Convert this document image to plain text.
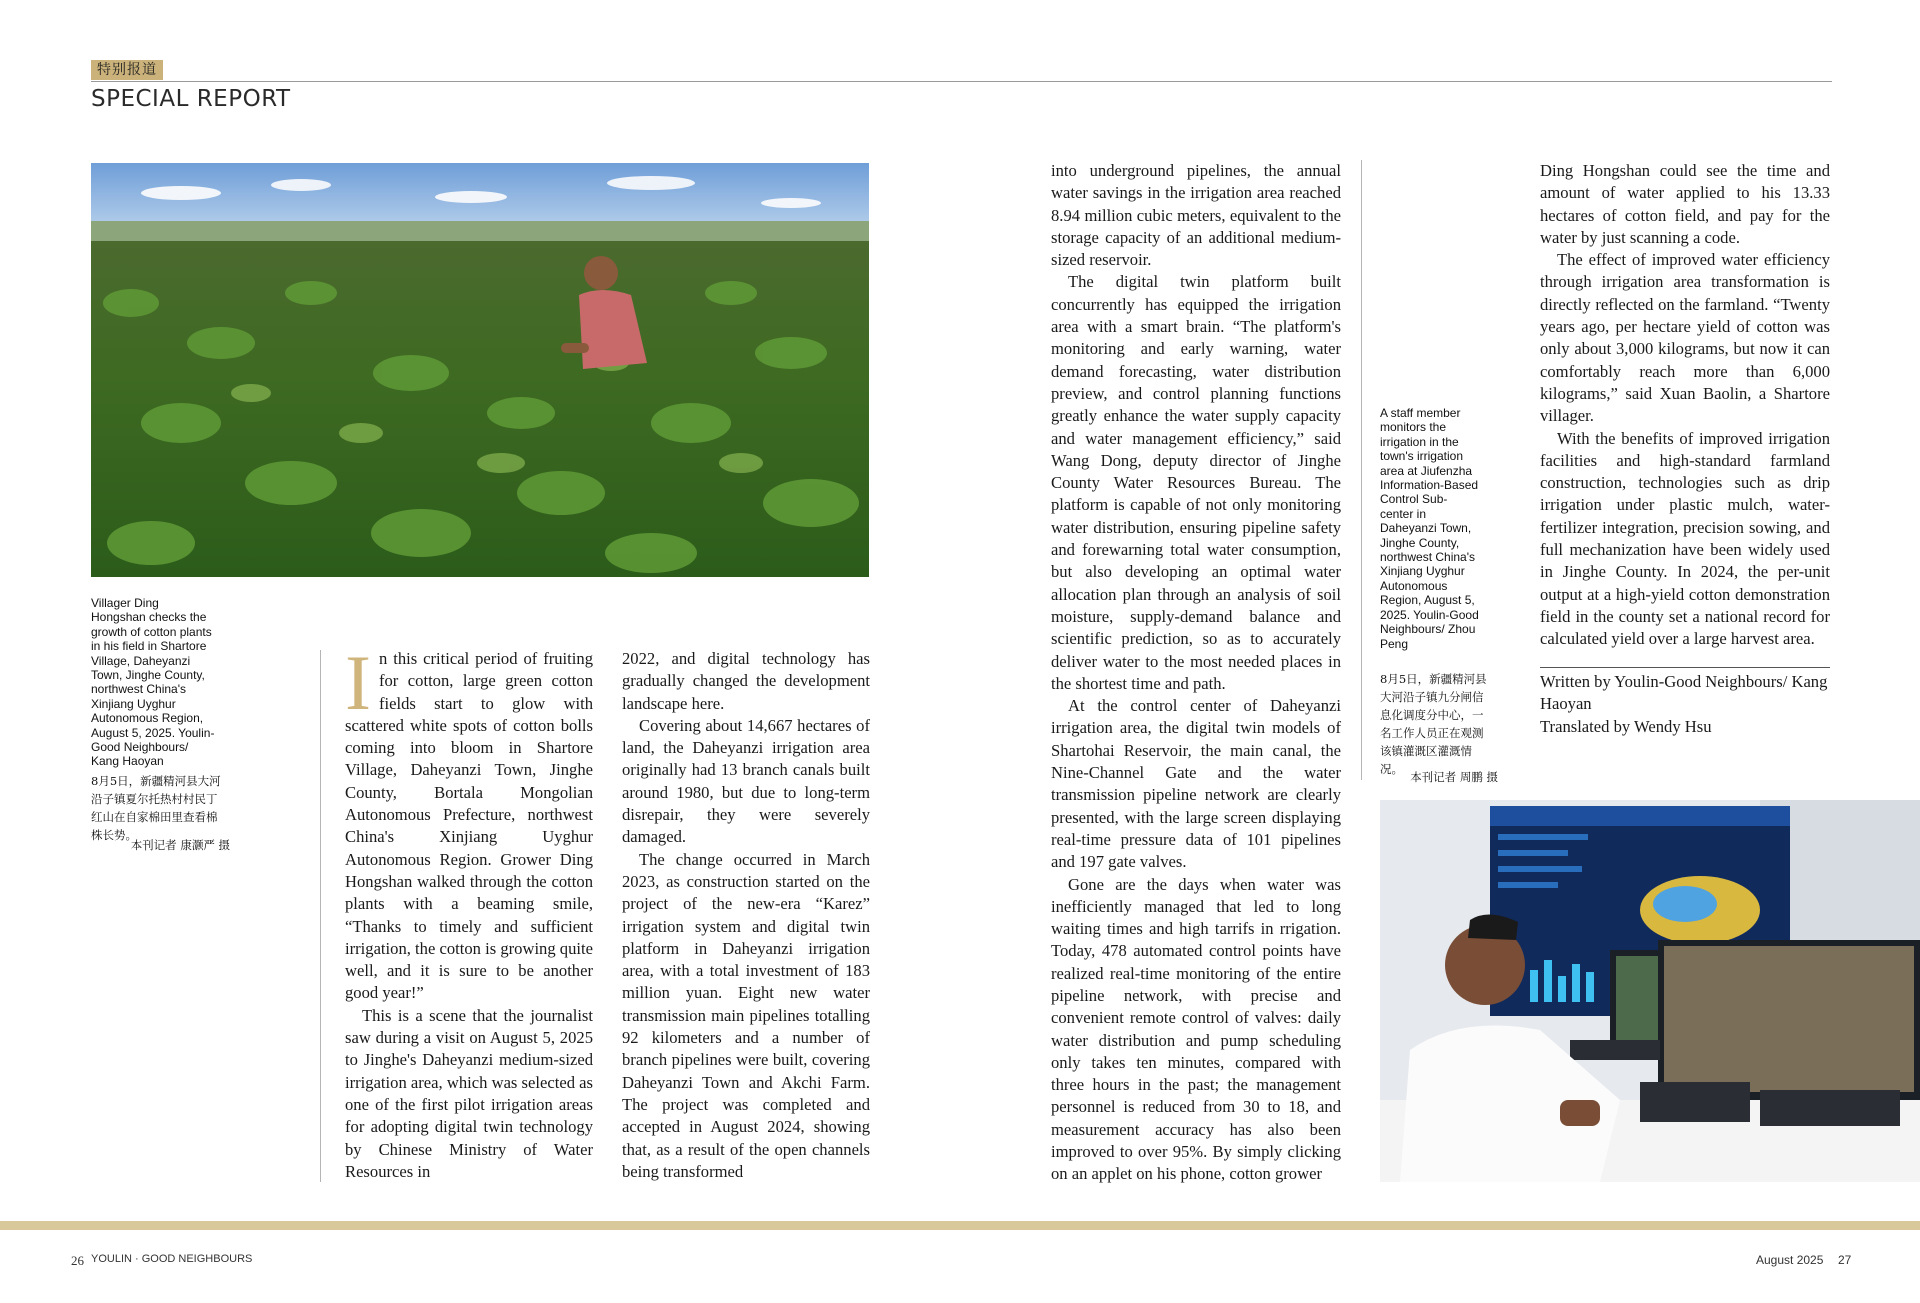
特别报道
SPECIAL REPORT
Villager Ding Hongshan checks the growth of cotton plants in his field in Shartore Village, Daheyanzi Town, Jinghe County, northwest China's Xinjiang Uyghur Autonomous Region, August 5, 2025. Youlin-Good Neighbours/ Kang Haoyan
8月5日，新疆精河县大河沿子镇夏尔托热村村民丁红山在自家棉田里查看棉株长势。
本刊记者 康灏严 摄

In this critical period of fruiting for cotton, large green cotton fields start to glow with scattered white spots of cotton bolls coming into bloom in Shartore Village, Daheyanzi Town, Jinghe County, Bortala Mongolian Autonomous Prefecture, northwest China's Xinjiang Uyghur Autonomous Region. Grower Ding Hongshan walked through the cotton plants with a beaming smile, “Thanks to timely and sufficient irrigation, the cotton is growing quite well, and it is sure to be another good year!”

This is a scene that the journalist saw during a visit on August 5, 2025 to Jinghe's Daheyanzi medium-sized irrigation area, which was selected as one of the first pilot irrigation areas for adopting digital twin technology by Chinese Ministry of Water Resources in

2022, and digital technology has gradually changed the development landscape here.

Covering about 14,667 hectares of land, the Daheyanzi irrigation area originally had 13 branch canals built around 1980, but due to long-term disrepair, they were severely damaged.

The change occurred in March 2023, as construction started on the project of the new-era “Karez” irrigation system and digital twin platform in Daheyanzi irrigation area, with a total investment of 183 million yuan. Eight new water transmission main pipelines totalling 92 kilometers and a number of branch pipelines were built, covering Daheyanzi Town and Akchi Farm. The project was completed and accepted in August 2024, showing that, as a result of the open channels being transformed

into underground pipelines, the annual water savings in the irrigation area reached 8.94 million cubic meters, equivalent to the storage capacity of an additional medium-sized reservoir.

The digital twin platform built concurrently has equipped the irrigation area with a smart brain. “The platform's monitoring and early warning, water demand forecasting, water distribution preview, and control planning functions greatly enhance the water supply capacity and water management efficiency,” said Wang Dong, deputy director of Jinghe County Water Resources Bureau. The platform is capable of not only monitoring water distribution, ensuring pipeline safety and forewarning total water consumption, but also developing an optimal water allocation plan through an analysis of soil moisture, supply-demand balance and scientific prediction, so as to accurately deliver water to the most needed places in the shortest time and path.

At the control center of Daheyanzi irrigation area, the digital twin models of Shartohai Reservoir, the main canal, the Nine-Channel Gate and the water transmission pipeline network are clearly presented, with the large screen displaying real-time pressure data of 101 pipelines and 197 gate valves.

Gone are the days when water was inefficiently managed that led to long waiting times and high tarrifs in rrigation. Today, 478 automated control points have realized real-time monitoring of the entire pipeline network, with precise and convenient remote control of valves: daily water distribution and pump scheduling only takes ten minutes, compared with three hours in the past; the management personnel is reduced from 30 to 18, and measurement accuracy has also been improved to over 95%. By simply clicking on an applet on his phone, cotton grower

A staff member monitors the irrigation in the town's irrigation area at Jiufenzha Information-Based Control Sub-center in Daheyanzi Town, Jinghe County, northwest China's Xinjiang Uyghur Autonomous Region, August 5, 2025. Youlin-Good Neighbours/ Zhou Peng
8月5日，新疆精河县大河沿子镇九分闸信息化调度分中心，一名工作人员正在观测该镇灌溉区灌溉情况。
本刊记者 周鹏 摄

Ding Hongshan could see the time and amount of water applied to his 13.33 hectares of cotton field, and pay for the water by just scanning a code.

The effect of improved water efficiency through irrigation area transformation is directly reflected on the farmland. “Twenty years ago, per hectare yield of cotton was only about 3,000 kilograms, but now it can comfortably reach more than 6,000 kilograms,” said Xuan Baolin, a Shartore villager.

With the benefits of improved irrigation facilities and high-standard farmland construction, technologies such as drip irrigation under plastic mulch, water-fertilizer integration, precision sowing, and full mechanization have been widely used in Jinghe County. In 2024, the per-unit output at a high-yield cotton demonstration field in the county set a national record for calculated yield over a large harvest area.

Written by Youlin-Good Neighbours/ Kang Haoyan
Translated by Wendy Hsu
26 YOULIN · GOOD NEIGHBOURS	August 2025 27
